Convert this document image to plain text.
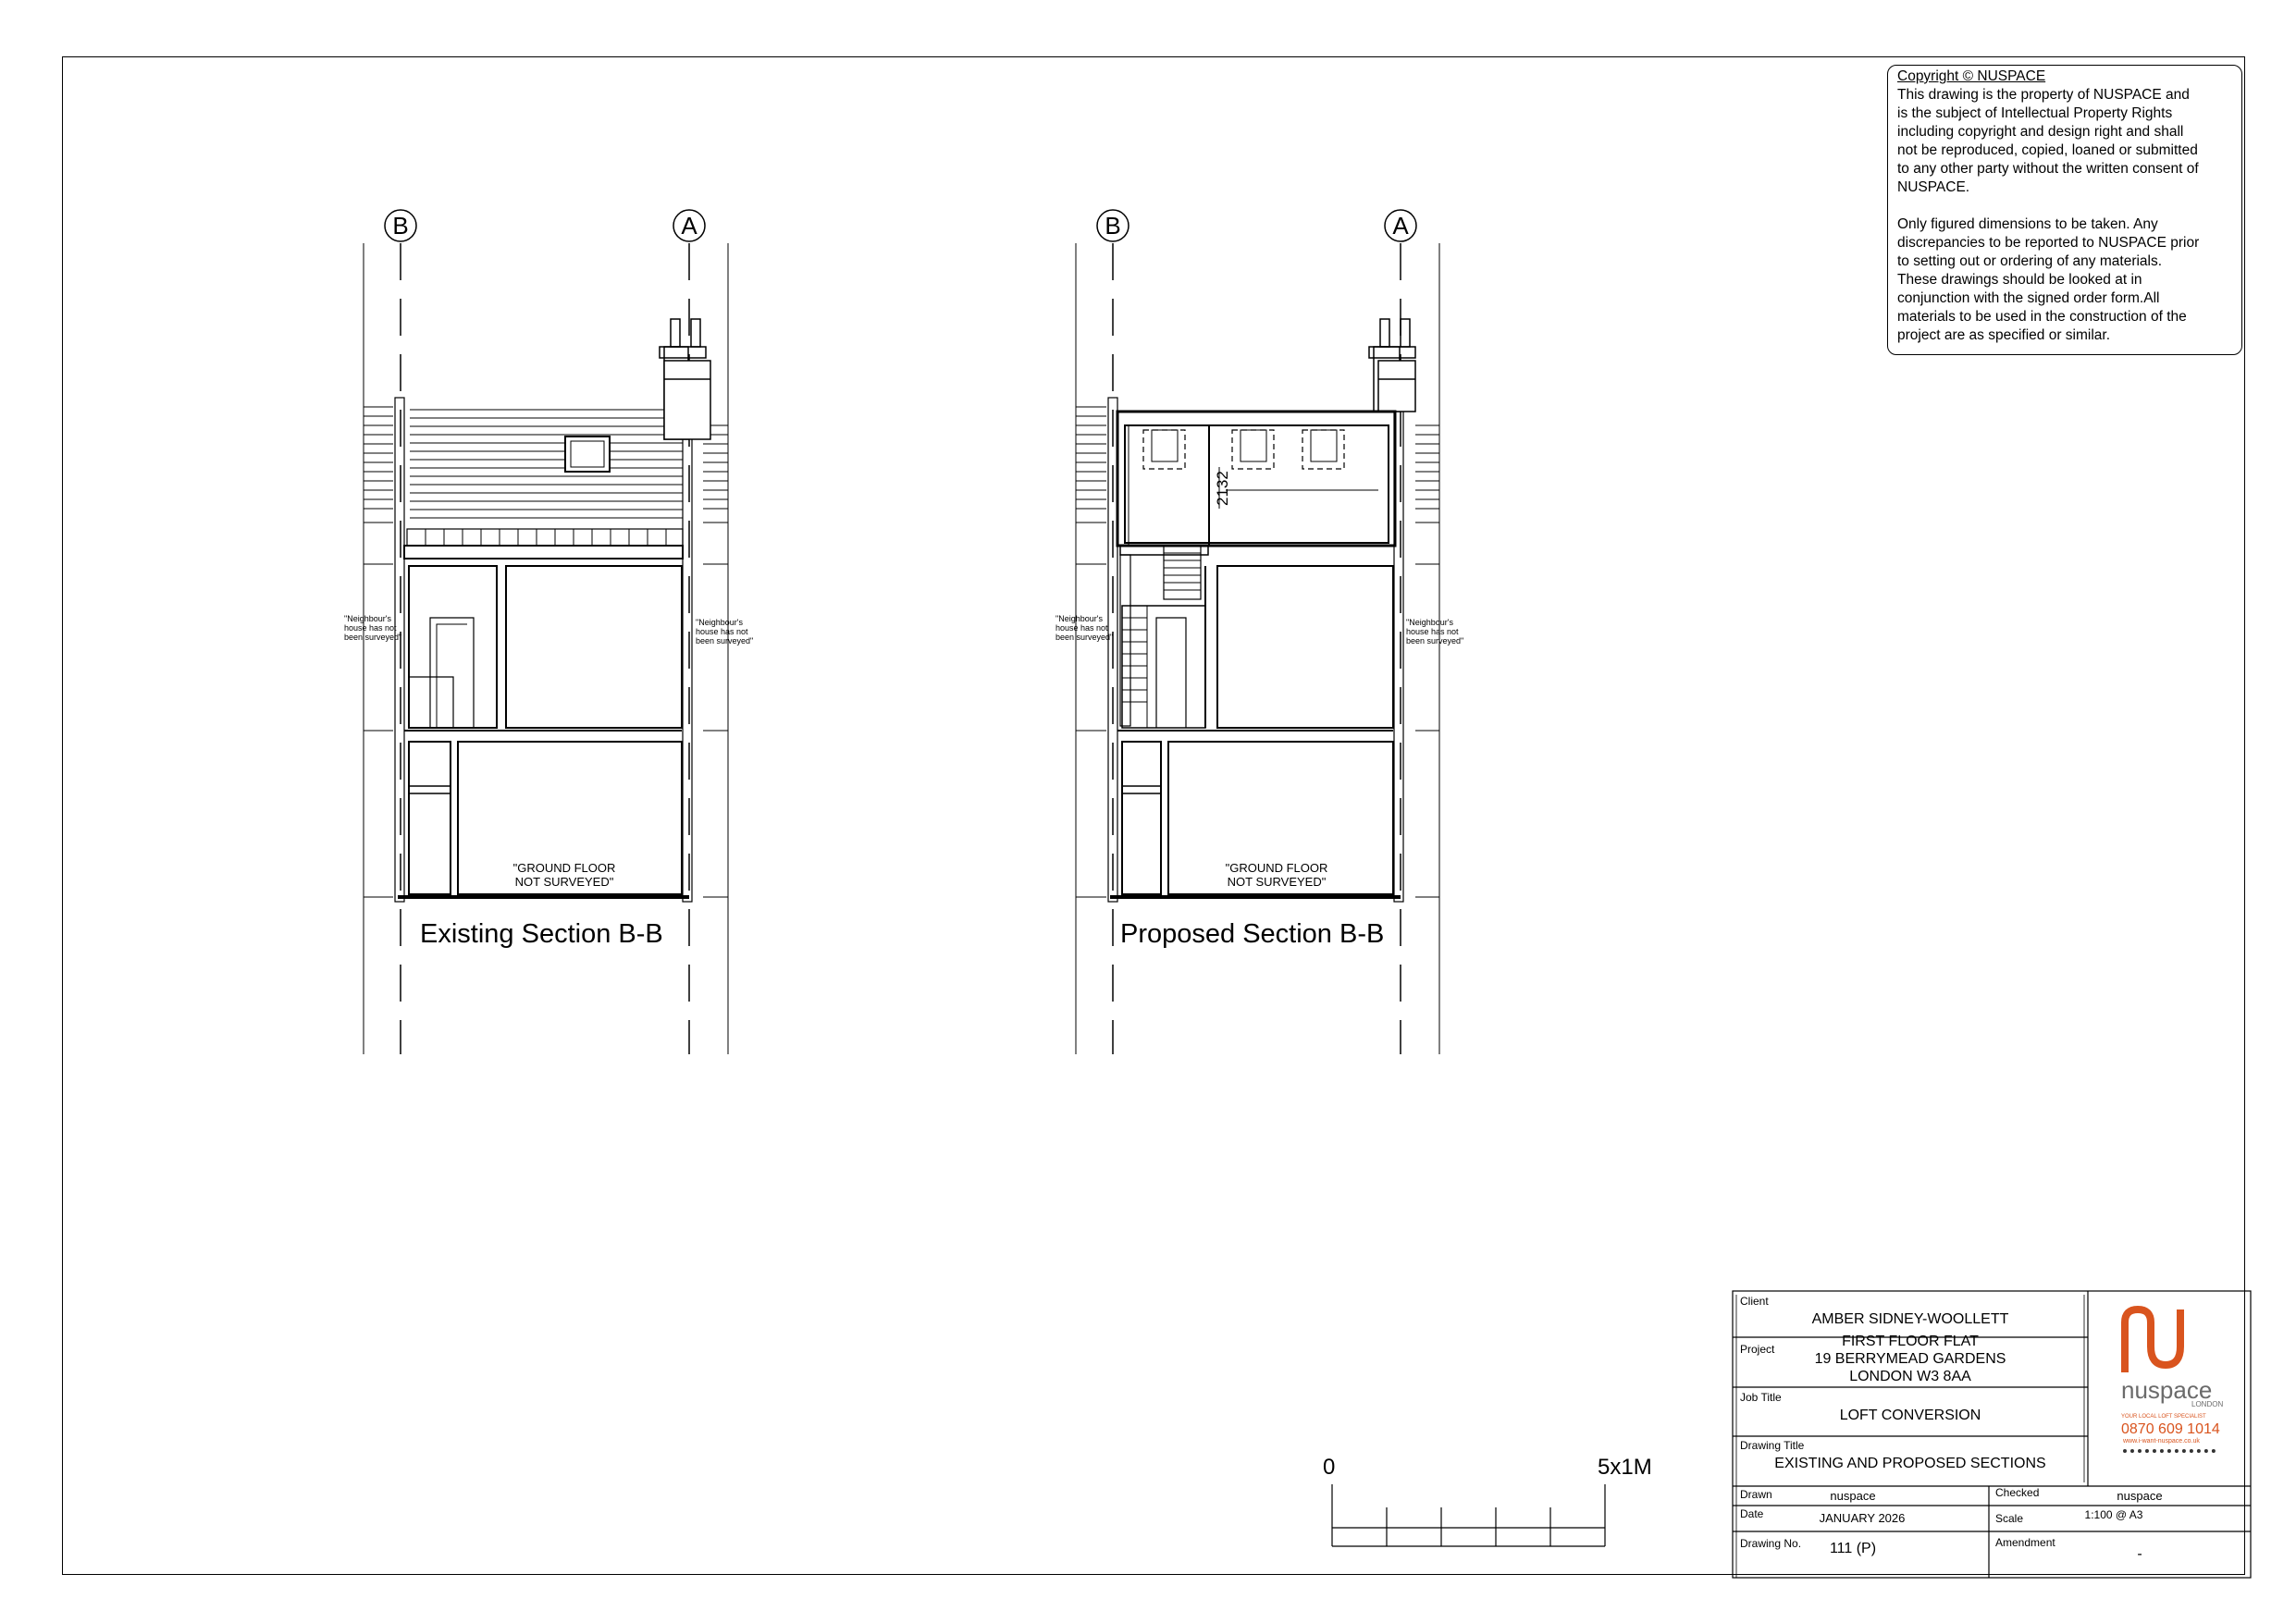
Copyright © NUSPACE

This drawing is the property of NUSPACE and
is the subject of Intellectual Property Rights
including copyright and design right and shall
not be reproduced, copied, loaned or submitted
to any other party without the written consent of
NUSPACE.

Only figured dimensions to be taken. Any
discrepancies to be reported to NUSPACE prior
to setting out or ordering of any materials.
These drawings should be looked at in
conjunction with the signed order form.All
materials to be used in the construction of the
project are as specified or similar.

B	A	B	A
"Neighbour's
house has not
been surveyed"
"Neighbour's
house has not
been surveyed"
"Neighbour's
house has not
been surveyed"
"Neighbour's
house has not
been surveyed"
"GROUND FLOOR
NOT SURVEYED"
"GROUND FLOOR
NOT SURVEYED"
2132
Existing Section B-B	Proposed Section B-B
0	5x1M
Client
AMBER SIDNEY-WOOLLETT
Project	FIRST FLOOR FLAT
19 BERRYMEAD GARDENS
LONDON W3 8AA
Job Title
LOFT CONVERSION
Drawing Title
EXISTING AND PROPOSED SECTIONS
Drawn	nuspace	Checked	nuspace
Date	JANUARY 2026	Scale	1:100 @ A3
Drawing No.	111 (P)	Amendment
-
nuspace
LONDON
YOUR LOCAL LOFT SPECIALIST
0870 609 1014
www.i-want-nuspace.co.uk
